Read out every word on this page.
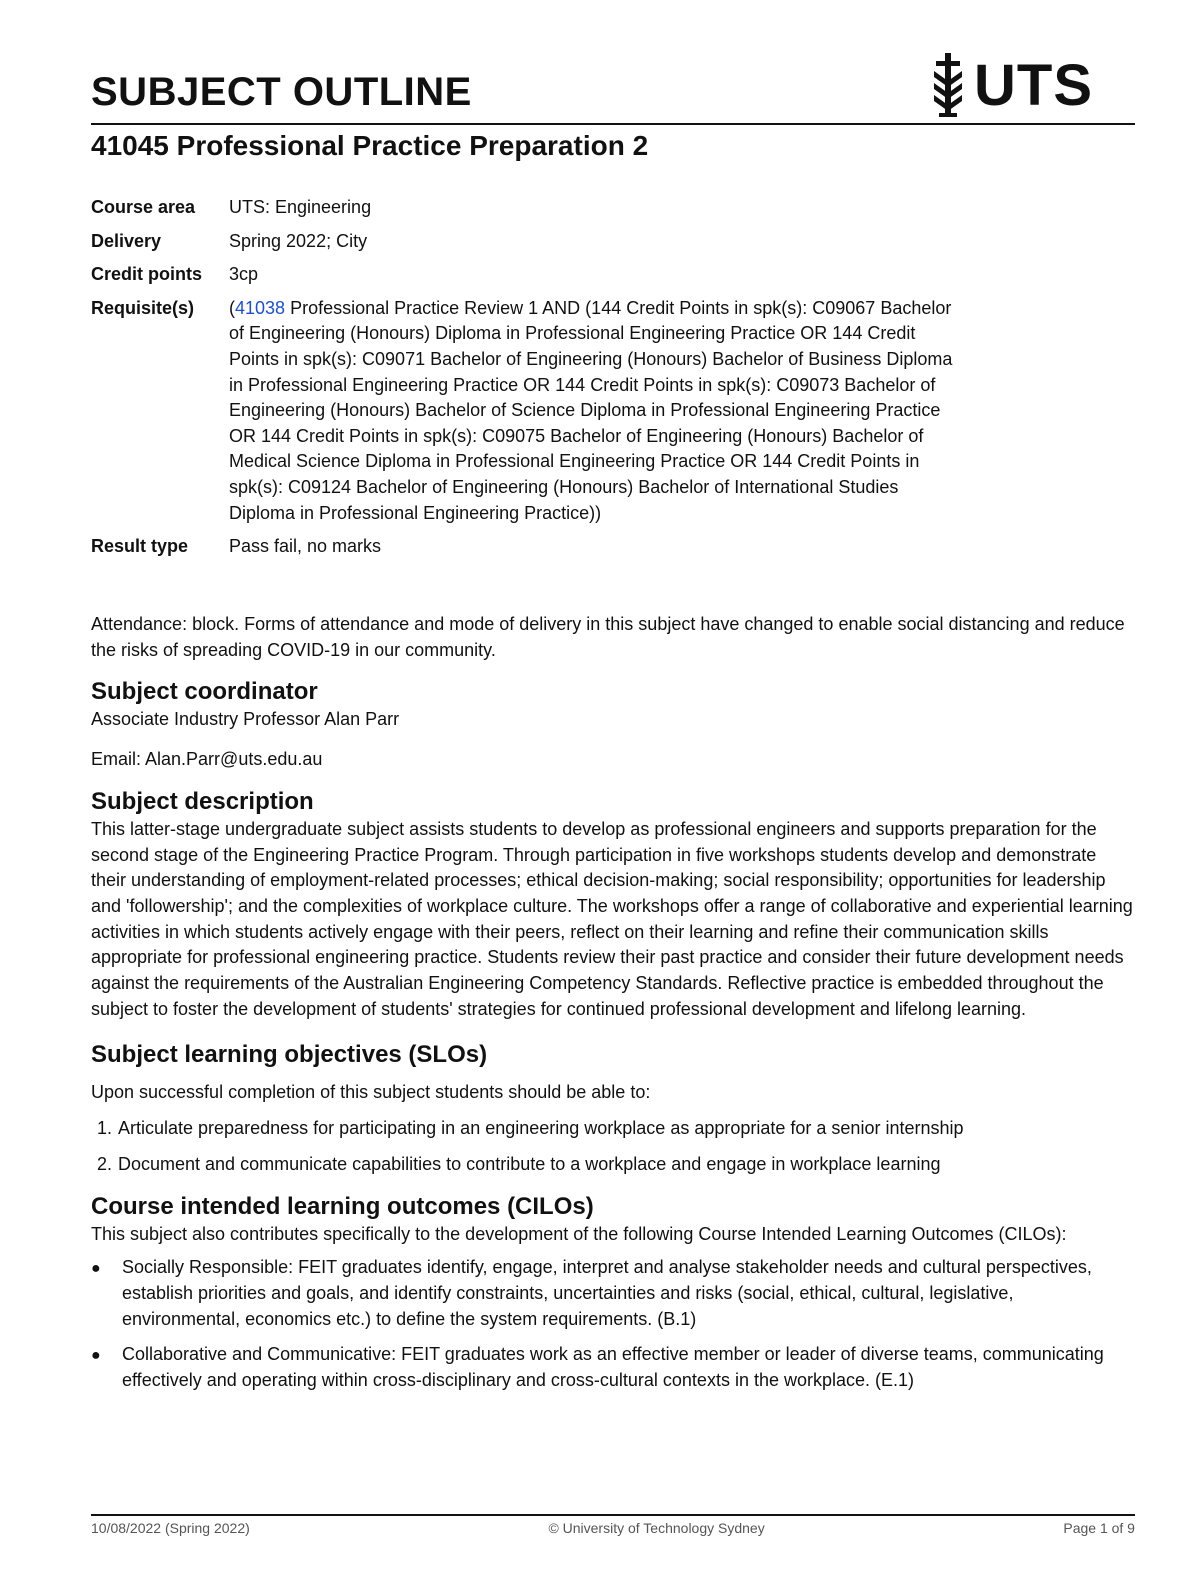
SUBJECT OUTLINE	UTS
41045 Professional Practice Preparation 2
Course area	UTS: Engineering
Delivery	Spring 2022; City
Credit points	3cp
Requisite(s)	(41038 Professional Practice Review 1 AND (144 Credit Points in spk(s): C09067 Bachelor of Engineering (Honours) Diploma in Professional Engineering Practice OR 144 Credit Points in spk(s): C09071 Bachelor of Engineering (Honours) Bachelor of Business Diploma in Professional Engineering Practice OR 144 Credit Points in spk(s): C09073 Bachelor of Engineering (Honours) Bachelor of Science Diploma in Professional Engineering Practice OR 144 Credit Points in spk(s): C09075 Bachelor of Engineering (Honours) Bachelor of Medical Science Diploma in Professional Engineering Practice OR 144 Credit Points in spk(s): C09124 Bachelor of Engineering (Honours) Bachelor of International Studies Diploma in Professional Engineering Practice))
Result type	Pass fail, no marks

Attendance: block. Forms of attendance and mode of delivery in this subject have changed to enable social distancing and reduce the risks of spreading COVID-19 in our community.

Subject coordinator

Associate Industry Professor Alan Parr

Email: Alan.Parr@uts.edu.au

Subject description

This latter-stage undergraduate subject assists students to develop as professional engineers and supports preparation for the second stage of the Engineering Practice Program. Through participation in five workshops students develop and demonstrate their understanding of employment-related processes; ethical decision-making; social responsibility; opportunities for leadership and 'followership'; and the complexities of workplace culture. The workshops offer a range of collaborative and experiential learning activities in which students actively engage with their peers, reflect on their learning and refine their communication skills appropriate for professional engineering practice. Students review their past practice and consider their future development needs against the requirements of the Australian Engineering Competency Standards. Reflective practice is embedded throughout the subject to foster the development of students' strategies for continued professional development and lifelong learning.

Subject learning objectives (SLOs)

Upon successful completion of this subject students should be able to:

1. Articulate preparedness for participating in an engineering workplace as appropriate for a senior internship
2. Document and communicate capabilities to contribute to a workplace and engage in workplace learning
Course intended learning outcomes (CILOs)

This subject also contributes specifically to the development of the following Course Intended Learning Outcomes (CILOs):

●	Socially Responsible: FEIT graduates identify, engage, interpret and analyse stakeholder needs and cultural perspectives, establish priorities and goals, and identify constraints, uncertainties and risks (social, ethical, cultural, legislative, environmental, economics etc.) to define the system requirements. (B.1)
●	Collaborative and Communicative: FEIT graduates work as an effective member or leader of diverse teams, communicating effectively and operating within cross-disciplinary and cross-cultural contexts in the workplace. (E.1)
10/08/2022 (Spring 2022)	© University of Technology Sydney	Page 1 of 9
